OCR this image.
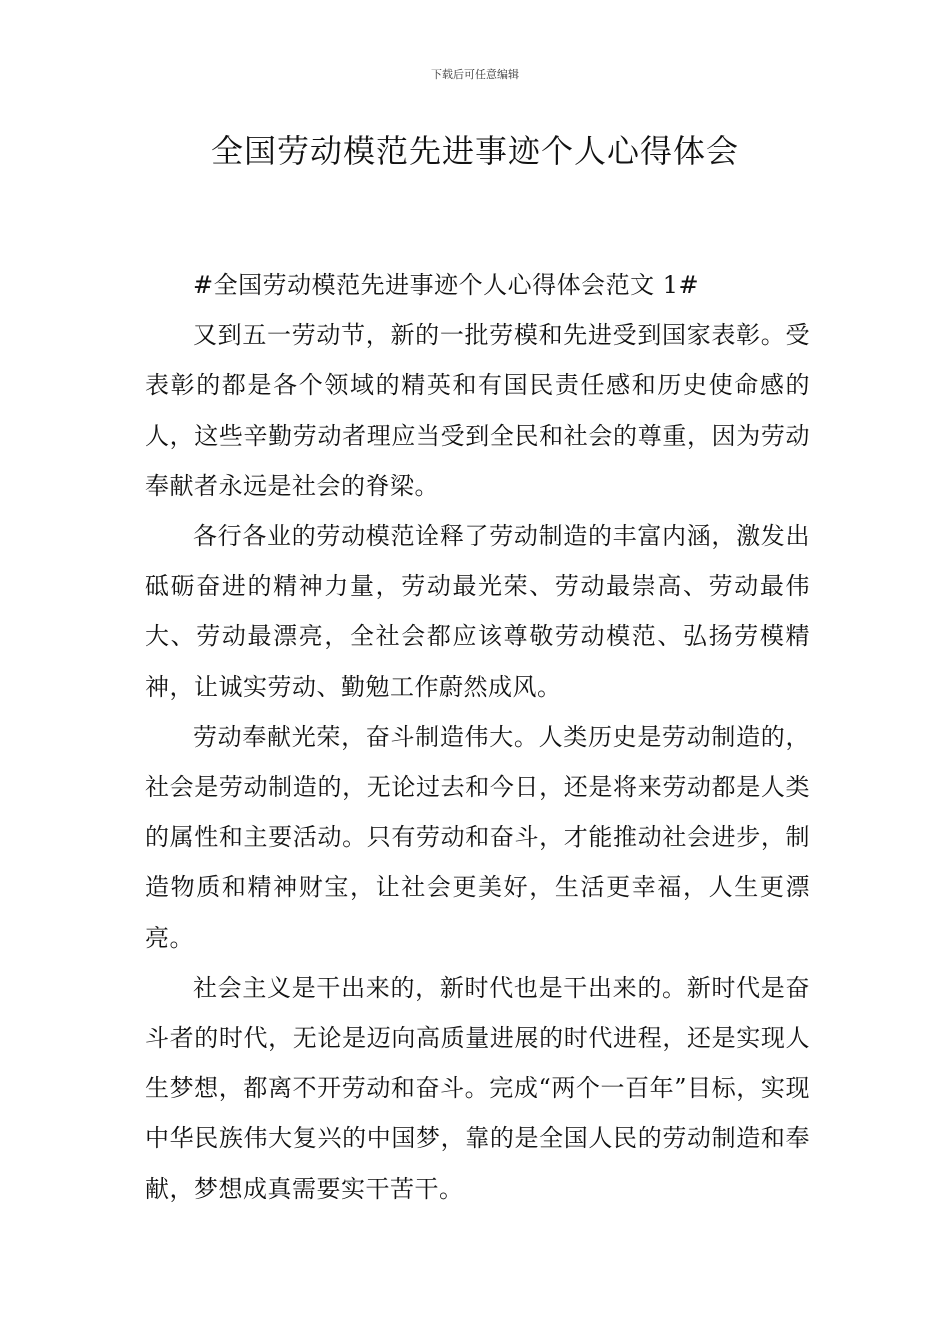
下载后可任意编辑
全国劳动模范先进事迹个人心得体会

#全国劳动模范先进事迹个人心得体会范文 1#

又到五一劳动节，新的一批劳模和先进受到国家表彰。受表彰的都是各个领域的精英和有国民责任感和历史使命感的人，这些辛勤劳动者理应当受到全民和社会的尊重，因为劳动奉献者永远是社会的脊梁。

各行各业的劳动模范诠释了劳动制造的丰富内涵，激发出砥砺奋进的精神力量，劳动最光荣、劳动最崇高、劳动最伟大、劳动最漂亮，全社会都应该尊敬劳动模范、弘扬劳模精神，让诚实劳动、勤勉工作蔚然成风。

劳动奉献光荣，奋斗制造伟大。人类历史是劳动制造的，社会是劳动制造的，无论过去和今日，还是将来劳动都是人类的属性和主要活动。只有劳动和奋斗，才能推动社会进步，制造物质和精神财宝，让社会更美好，生活更幸福，人生更漂亮。

社会主义是干出来的，新时代也是干出来的。新时代是奋斗者的时代，无论是迈向高质量进展的时代进程，还是实现人生梦想，都离不开劳动和奋斗。完成“两个一百年”目标，实现中华民族伟大复兴的中国梦，靠的是全国人民的劳动制造和奉献，梦想成真需要实干苦干。
